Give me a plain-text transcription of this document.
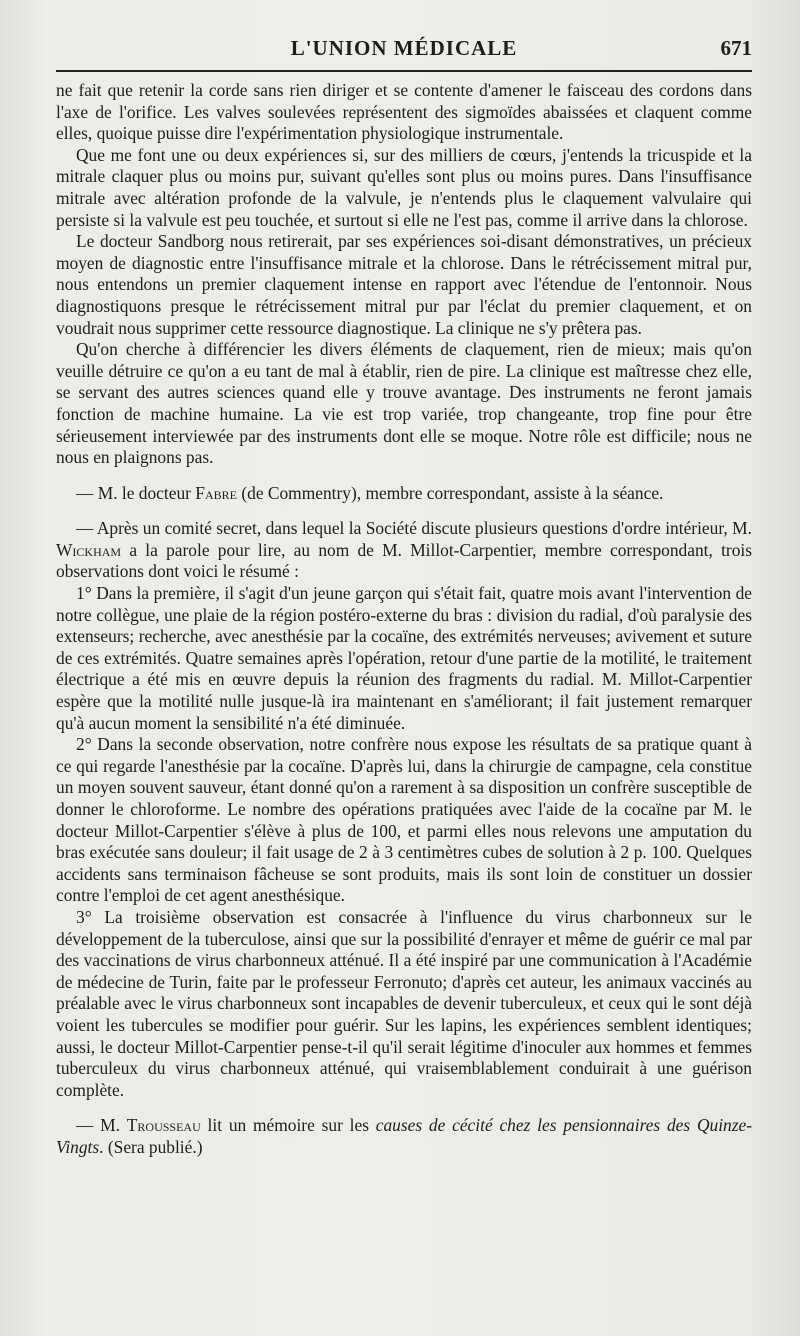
L'UNION MÉDICALE	671

ne fait que retenir la corde sans rien diriger et se contente d'amener le faisceau des cordons dans l'axe de l'orifice. Les valves soulevées représentent des sigmoïdes abaissées et claquent comme elles, quoique puisse dire l'expérimentation physiologique instrumentale.

Que me font une ou deux expériences si, sur des milliers de cœurs, j'entends la tricuspide et la mitrale claquer plus ou moins pur, suivant qu'elles sont plus ou moins pures. Dans l'insuffisance mitrale avec altération profonde de la valvule, je n'entends plus le claquement valvulaire qui persiste si la valvule est peu touchée, et surtout si elle ne l'est pas, comme il arrive dans la chlorose.

Le docteur Sandborg nous retirerait, par ses expériences soi-disant démonstratives, un précieux moyen de diagnostic entre l'insuffisance mitrale et la chlorose. Dans le rétrécissement mitral pur, nous entendons un premier claquement intense en rapport avec l'étendue de l'entonnoir. Nous diagnostiquons presque le rétrécissement mitral pur par l'éclat du premier claquement, et on voudrait nous supprimer cette ressource diagnostique. La clinique ne s'y prêtera pas.

Qu'on cherche à différencier les divers éléments de claquement, rien de mieux; mais qu'on veuille détruire ce qu'on a eu tant de mal à établir, rien de pire. La clinique est maîtresse chez elle, se servant des autres sciences quand elle y trouve avantage. Des instruments ne feront jamais fonction de machine humaine. La vie est trop variée, trop changeante, trop fine pour être sérieusement interviewée par des instruments dont elle se moque. Notre rôle est difficile; nous ne nous en plaignons pas.

— M. le docteur Fabre (de Commentry), membre correspondant, assiste à la séance.

— Après un comité secret, dans lequel la Société discute plusieurs questions d'ordre intérieur, M. Wickham a la parole pour lire, au nom de M. Millot-Carpentier, membre correspondant, trois observations dont voici le résumé :

1° Dans la première, il s'agit d'un jeune garçon qui s'était fait, quatre mois avant l'intervention de notre collègue, une plaie de la région postéro-externe du bras : division du radial, d'où paralysie des extenseurs; recherche, avec anesthésie par la cocaïne, des extrémités nerveuses; avivement et suture de ces extrémités. Quatre semaines après l'opération, retour d'une partie de la motilité, le traitement électrique a été mis en œuvre depuis la réunion des fragments du radial. M. Millot-Carpentier espère que la motilité nulle jusque-là ira maintenant en s'améliorant; il fait justement remarquer qu'à aucun moment la sensibilité n'a été diminuée.

2° Dans la seconde observation, notre confrère nous expose les résultats de sa pratique quant à ce qui regarde l'anesthésie par la cocaïne. D'après lui, dans la chirurgie de campagne, cela constitue un moyen souvent sauveur, étant donné qu'on a rarement à sa disposition un confrère susceptible de donner le chloroforme. Le nombre des opérations pratiquées avec l'aide de la cocaïne par M. le docteur Millot-Carpentier s'élève à plus de 100, et parmi elles nous relevons une amputation du bras exécutée sans douleur; il fait usage de 2 à 3 centimètres cubes de solution à 2 p. 100. Quelques accidents sans terminaison fâcheuse se sont produits, mais ils sont loin de constituer un dossier contre l'emploi de cet agent anesthésique.

3° La troisième observation est consacrée à l'influence du virus charbonneux sur le développement de la tuberculose, ainsi que sur la possibilité d'enrayer et même de guérir ce mal par des vaccinations de virus charbonneux atténué. Il a été inspiré par une communication à l'Académie de médecine de Turin, faite par le professeur Ferronuto; d'après cet auteur, les animaux vaccinés au préalable avec le virus charbonneux sont incapables de devenir tuberculeux, et ceux qui le sont déjà voient les tubercules se modifier pour guérir. Sur les lapins, les expériences semblent identiques; aussi, le docteur Millot-Carpentier pense-t-il qu'il serait légitime d'inoculer aux hommes et femmes tuberculeux du virus charbonneux atténué, qui vraisemblablement conduirait à une guérison complète.

— M. Trousseau lit un mémoire sur les causes de cécité chez les pensionnaires des Quinze-Vingts. (Sera publié.)
